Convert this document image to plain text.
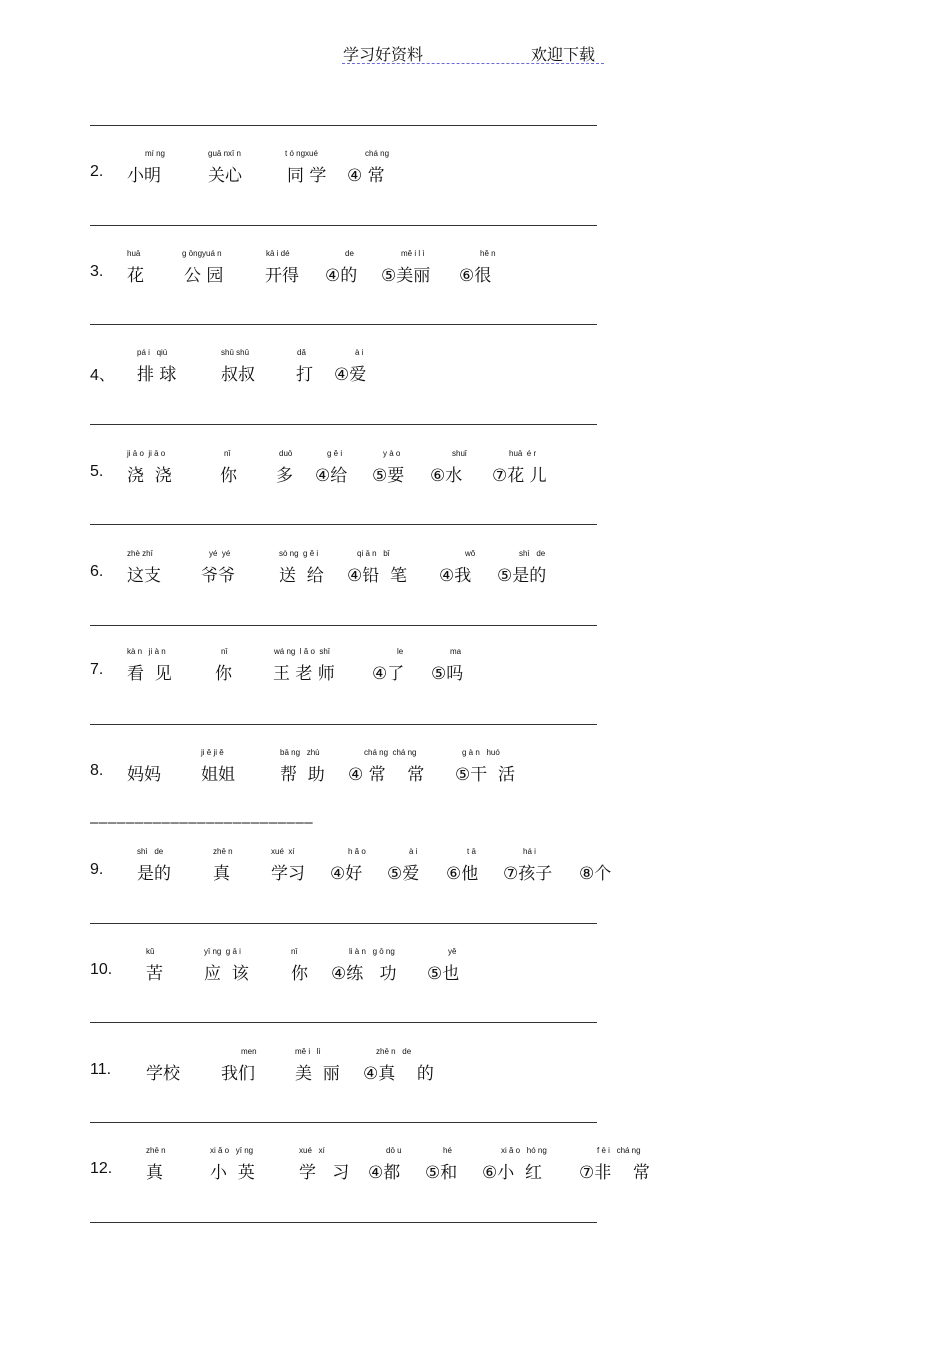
学习好资料	欢迎下载
—————————————————————————
2.
mí ng
小明
guā nxī n
关心
t ó ngxué
同 学
chá ng
④ 常
3.
huā
花
g ōngyuá n
公 园
kā i dé
开得
de
④的
mě i l ì
⑤美丽
hě n
⑥很
4、
pá i   qiú
排 球
shū shū
叔叔
dǎ
打
à i
④爱
5.
ji ā o  ji ā o
浇  浇
nǐ
你
duō
多
g ě i
④给
y à o
⑤要
shuǐ
⑥水
huā  é r
⑦花 儿
6.
zhè zhī
这支
yé  yé
爷爷
sò ng  g ě i
送  给
qi ā n   bǐ
④铅  笔
wǒ
④我
shì   de
⑤是的
7.
kà n   ji à n
看  见
nǐ
你
wá ng  l ǎ o  shī
王 老 师
le
④了
ma
⑤吗
8. 妈妈
ji ě ji ě
姐姐
bā ng   zhù
帮  助
chá ng  chá ng
④ 常    常
g à n   huó
⑤干  活
9.
shì   de
是的
zhē n
真
xué  xí
学习
h ǎ o
④好
à i
⑤爱
t ā
⑥他
há i
⑦孩子 ⑧个
10.
kǔ
苦
yī ng  g ā i
应  该
nǐ
你
li à n   g ō ng
④练   功
yě
⑤也
11. 学校
men
我们
mě i   lì
美  丽
zhē n   de
④真    的
12.
zhē n
真
xi ǎ o   yī ng
小  英
xué   xí
学   习
dō u
④都
hé
⑤和
xi ǎ o   hó ng
⑥小  红
f ē i   chá ng
⑦非    常
